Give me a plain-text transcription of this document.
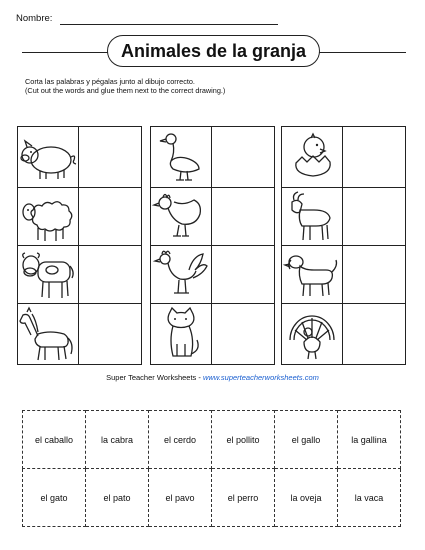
Nombre:
Animales de la granja
Corta las palabras y pégalas junto al dibujo correcto.
(Cut out the words and glue them next to the correct drawing.)

Super Teacher Worksheets - www.superteacherworksheets.com
el caballo	la cabra	el cerdo	el pollito	el gallo	la gallina
el gato	el pato	el pavo	el perro	la oveja	la vaca
